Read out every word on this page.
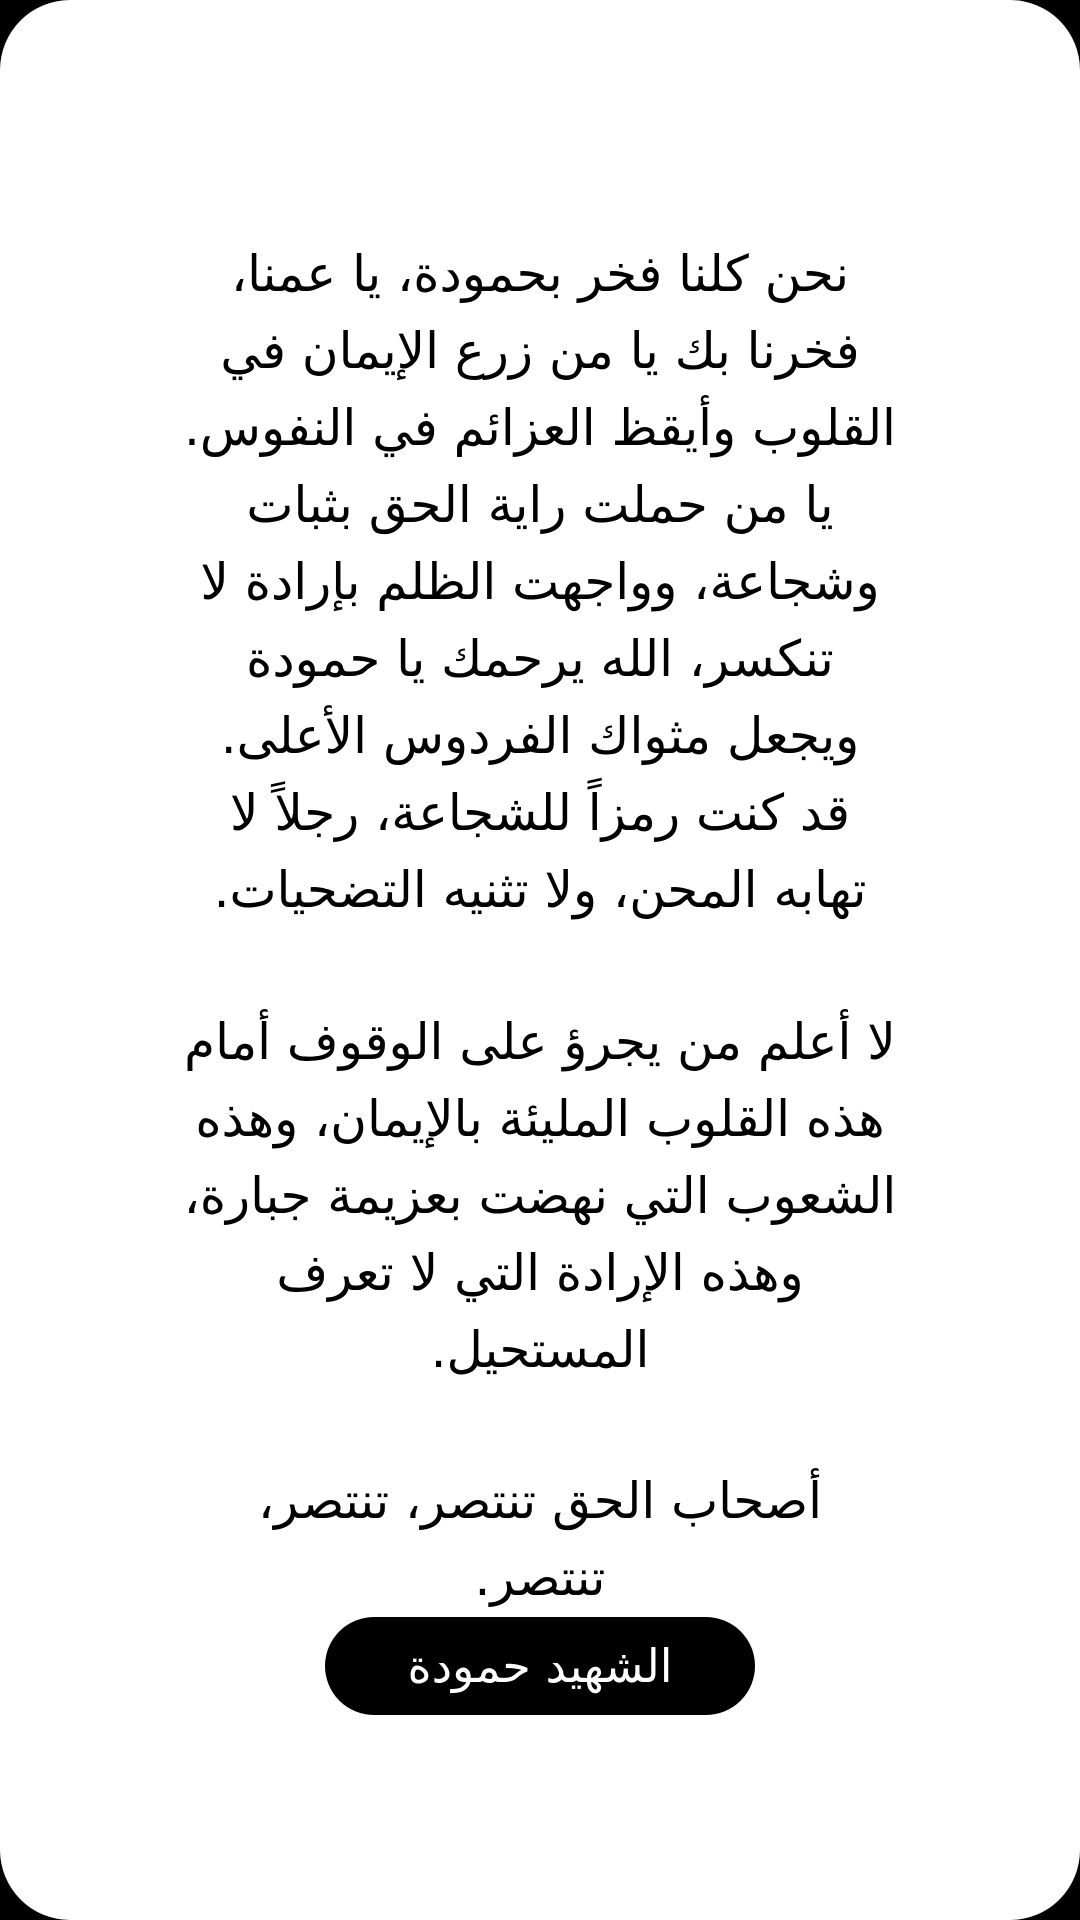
نحن كلنا فخر بحمودة، يا عمنا،
فخرنا بك يا من زرع الإيمان في
القلوب وأيقظ العزائم في النفوس.
يا من حملت راية الحق بثبات
وشجاعة، وواجهت الظلم بإرادة لا
تنكسر، الله يرحمك يا حمودة
ويجعل مثواك الفردوس الأعلى.
قد كنت رمزاً للشجاعة، رجلاً لا
تهابه المحن، ولا تثنيه التضحيات.
لا أعلم من يجرؤ على الوقوف أمام
هذه القلوب المليئة بالإيمان، وهذه
الشعوب التي نهضت بعزيمة جبارة،
وهذه الإرادة التي لا تعرف
المستحيل.
أصحاب الحق تنتصر، تنتصر،
تنتصر.
الشهيد حمودة
